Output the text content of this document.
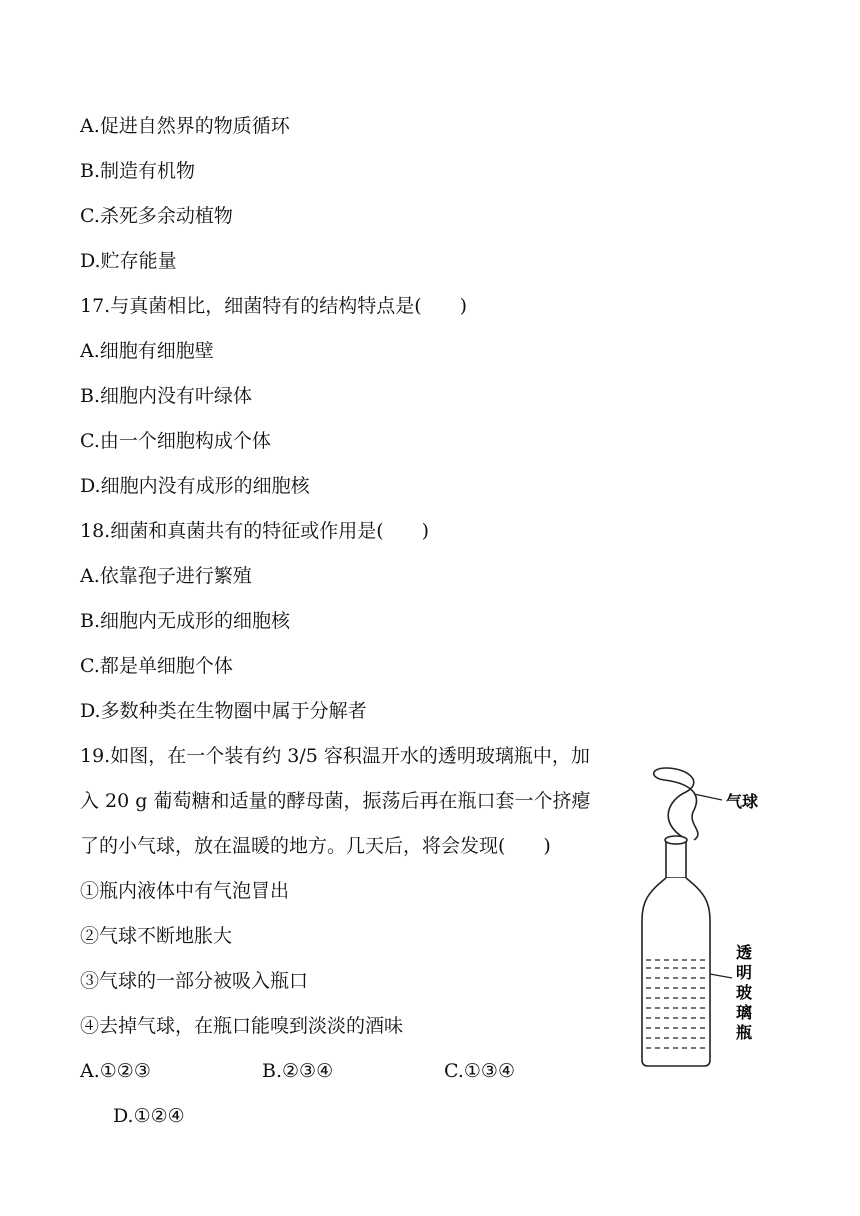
A.促进自然界的物质循环
B.制造有机物
C.杀死多余动植物
D.贮存能量
17.与真菌相比，细菌特有的结构特点是(　　)
A.细胞有细胞壁
B.细胞内没有叶绿体
C.由一个细胞构成个体
D.细胞内没有成形的细胞核
18.细菌和真菌共有的特征或作用是(　　)
A.依靠孢子进行繁殖
B.细胞内无成形的细胞核
C.都是单细胞个体
D.多数种类在生物圈中属于分解者
19.如图，在一个装有约 3/5 容积温开水的透明玻璃瓶中，加
入 20 g 葡萄糖和适量的酵母菌，振荡后再在瓶口套一个挤瘪
了的小气球，放在温暖的地方。几天后，将会发现(　　)
①瓶内液体中有气泡冒出
②气球不断地胀大
③气球的一部分被吸入瓶口
④去掉气球，在瓶口能嗅到淡淡的酒味
A.①②③	B.②③④	C.①③④
D.①②④
气球
透
明
玻
璃
瓶
